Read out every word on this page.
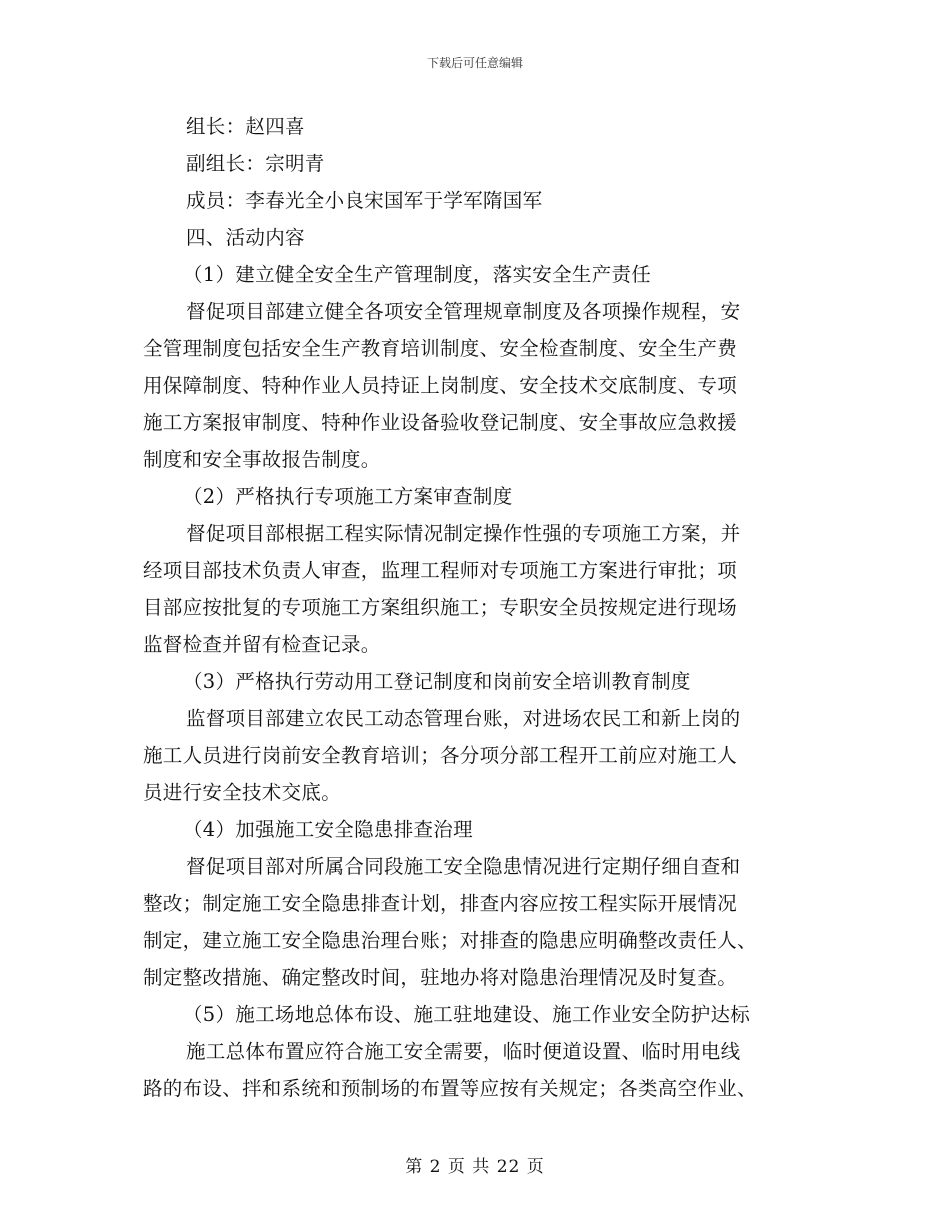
下载后可任意编辑
组长：赵四喜
副组长：宗明青
成员：李春光全小良宋国军于学军隋国军
四、活动内容
（1）建立健全安全生产管理制度，落实安全生产责任
督促项目部建立健全各项安全管理规章制度及各项操作规程，安
全管理制度包括安全生产教育培训制度、安全检查制度、安全生产费
用保障制度、特种作业人员持证上岗制度、安全技术交底制度、专项
施工方案报审制度、特种作业设备验收登记制度、安全事故应急救援
制度和安全事故报告制度。
（2）严格执行专项施工方案审查制度
督促项目部根据工程实际情况制定操作性强的专项施工方案，并
经项目部技术负责人审查，监理工程师对专项施工方案进行审批；项
目部应按批复的专项施工方案组织施工；专职安全员按规定进行现场
监督检查并留有检查记录。
（3）严格执行劳动用工登记制度和岗前安全培训教育制度
监督项目部建立农民工动态管理台账，对进场农民工和新上岗的
施工人员进行岗前安全教育培训；各分项分部工程开工前应对施工人
员进行安全技术交底。
（4）加强施工安全隐患排查治理
督促项目部对所属合同段施工安全隐患情况进行定期仔细自查和
整改；制定施工安全隐患排查计划，排查内容应按工程实际开展情况
制定，建立施工安全隐患治理台账；对排查的隐患应明确整改责任人、
制定整改措施、确定整改时间，驻地办将对隐患治理情况及时复查。
（5）施工场地总体布设、施工驻地建设、施工作业安全防护达标
施工总体布置应符合施工安全需要，临时便道设置、临时用电线
路的布设、拌和系统和预制场的布置等应按有关规定；各类高空作业、
第 2 页 共 22 页
